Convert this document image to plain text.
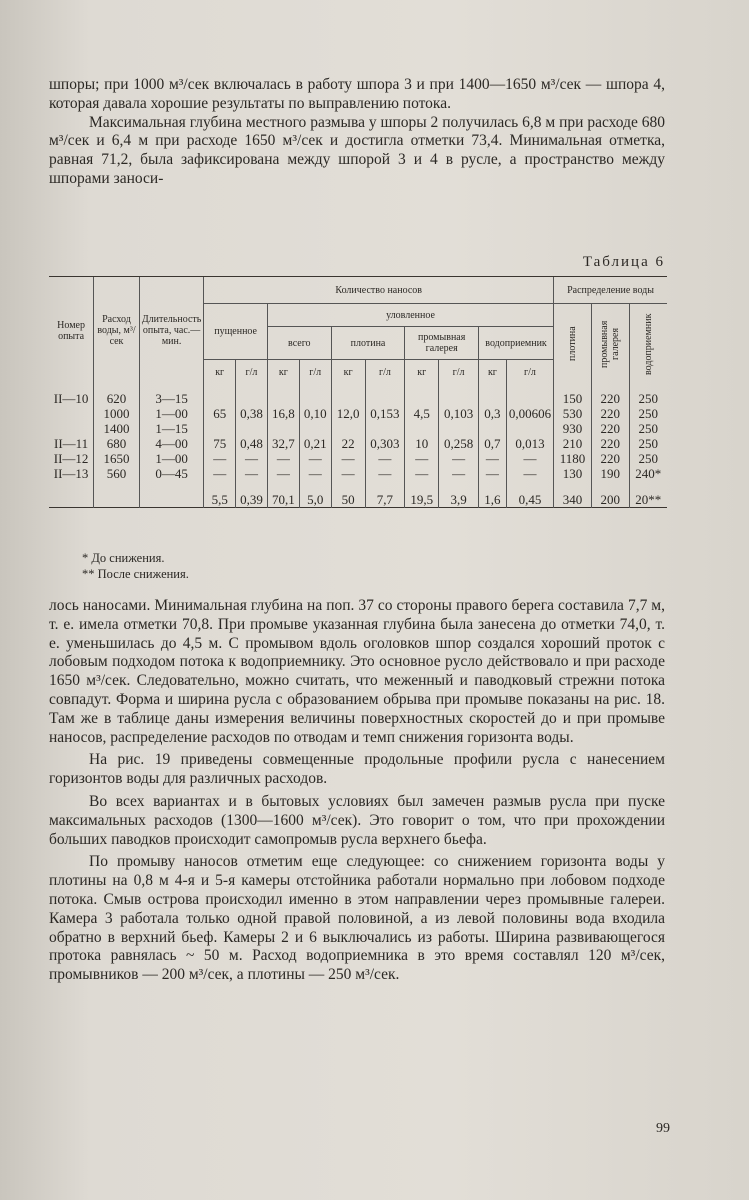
шпоры; при 1000 м³/сек включалась в работу шпора 3 и при 1400—1650 м³/сек — шпора 4, которая давала хорошие результаты по выправлению потока.

Максимальная глубина местного размыва у шпоры 2 получилась 6,8 м при расходе 680 м³/сек и 6,4 м при расходе 1650 м³/сек и достигла отметки 73,4. Минимальная отметка, равная 71,2, была зафиксирована между шпорой 3 и 4 в русле, а пространство между шпорами заноси-

Таблица 6
Номер опыта	Расход воды, м³/сек	Длительность опыта, час.—мин.	Количество наносов										Распределение воды		
			пущенное		уловленное								плотина	промывная галерея	водоприемник

					всего		плотина		промывная галерея		водоприемник				
			кг	г/л	кг	г/л	кг	г/л	кг	г/л	кг	г/л			
II—10	620	3—15											150	220	250
	1000	1—00	65	0,38	16,8	0,10	12,0	0,153	4,5	0,103	0,3	0,00606	530	220	250
	1400	1—15											930	220	250
II—11	680	4—00	75	0,48	32,7	0,21	22	0,303	10	0,258	0,7	0,013	210	220	250
II—12	1650	1—00	—	—	—	—	—	—	—	—	—	—	1180	220	250
II—13	560	0—45	—	—	—	—	—	—	—	—	—	—	130	190	240*
			5,5	0,39	70,1	5,0	50	7,7	19,5	3,9	1,6	0,45	340	200	20**

* До снижения.
** После снижения.

лось наносами. Минимальная глубина на поп. 37 со стороны правого берега составила 7,7 м, т. е. имела отметки 70,8. При промыве указанная глубина была занесена до отметки 74,0, т. е. уменьшилась до 4,5 м. С промывом вдоль оголовков шпор создался хороший проток с лобовым подходом потока к водоприемнику. Это основное русло действовало и при расходе 1650 м³/сек. Следовательно, можно считать, что меженный и паводковый стрежни потока совпадут. Форма и ширина русла с образованием обрыва при промыве показаны на рис. 18. Там же в таблице даны измерения величины поверхностных скоростей до и при промыве наносов, распределение расходов по отводам и темп снижения горизонта воды.

На рис. 19 приведены совмещенные продольные профили русла с нанесением горизонтов воды для различных расходов.

Во всех вариантах и в бытовых условиях был замечен размыв русла при пуске максимальных расходов (1300—1600 м³/сек). Это говорит о том, что при прохождении больших паводков происходит самопромыв русла верхнего бьефа.

По промыву наносов отметим еще следующее: со снижением горизонта воды у плотины на 0,8 м 4-я и 5-я камеры отстойника работали нормально при лобовом подходе потока. Смыв острова происходил именно в этом направлении через промывные галереи. Камера 3 работала только одной правой половиной, а из левой половины вода входила обратно в верхний бьеф. Камеры 2 и 6 выключались из работы. Ширина развивающегося протока равнялась ~ 50 м. Расход водоприемника в это время составлял 120 м³/сек, промывников — 200 м³/сек, а плотины — 250 м³/сек.

99
